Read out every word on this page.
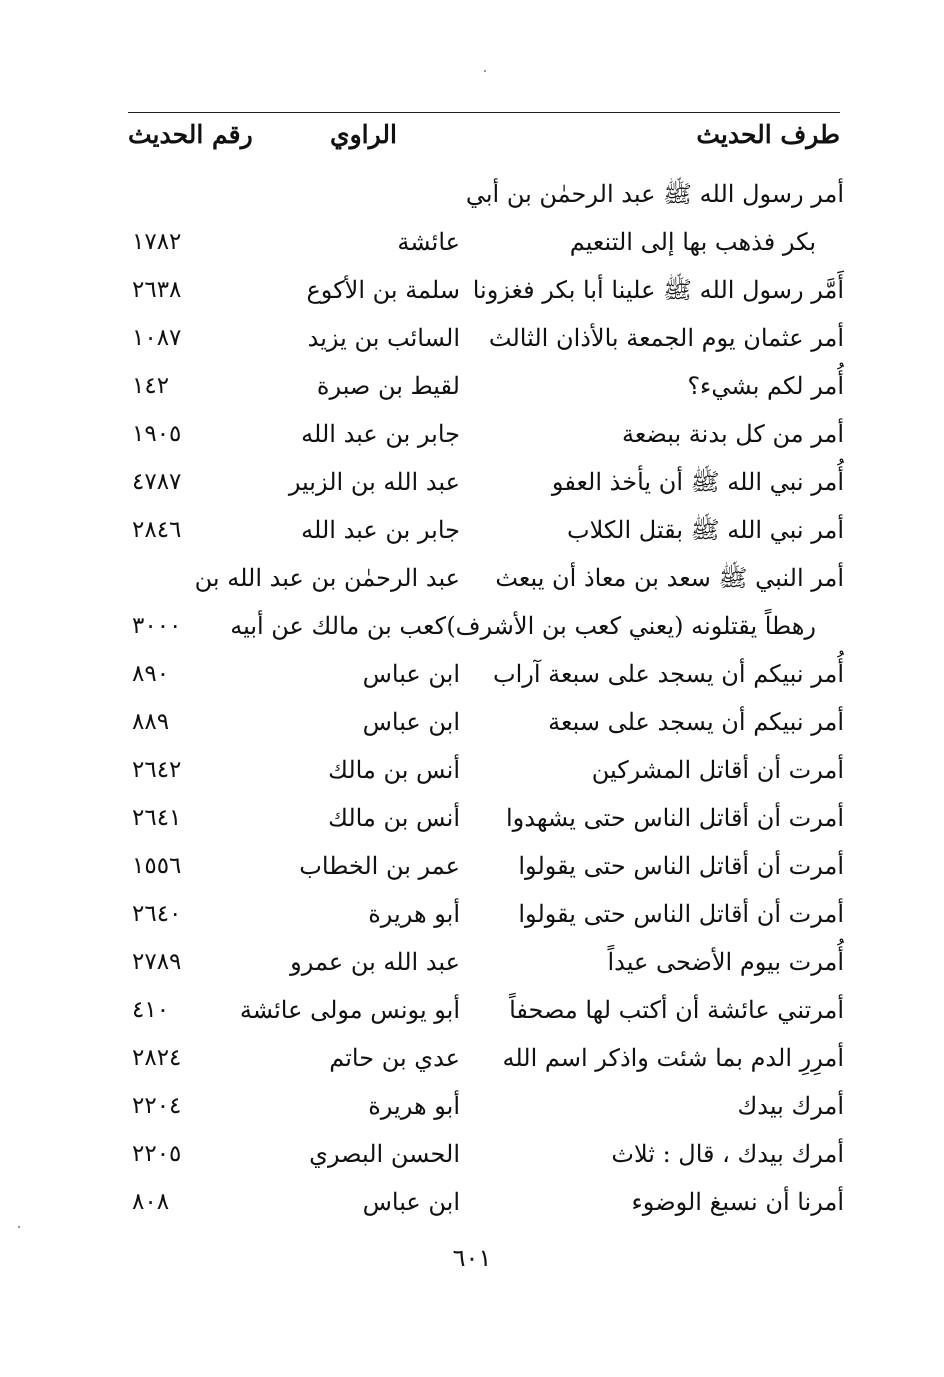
طرف الحديث
الراوي
رقم الحديث
أمر رسول الله ﷺ عبد الرحمٰن بن أبي
بكر فذهب بها إلى التنعيم
عائشة
١٧٨٢
أَمَّر رسول الله ﷺ علينا أبا بكر فغزونا
سلمة بن الأكوع
٢٦٣٨
أمر عثمان يوم الجمعة بالأذان الثالث
السائب بن يزيد
١٠٨٧
أُمر لكم بشيء؟
لقيط بن صبرة
١٤٢
أمر من كل بدنة ببضعة
جابر بن عبد الله
١٩٠٥
أُمر نبي الله ﷺ أن يأخذ العفو
عبد الله بن الزبير
٤٧٨٧
أمر نبي الله ﷺ بقتل الكلاب
جابر بن عبد الله
٢٨٤٦
أمر النبي ﷺ سعد بن معاذ أن يبعث
عبد الرحمٰن بن عبد الله بن
رهطاً يقتلونه (يعني كعب بن الأشرف)
كعب بن مالك عن أبيه
٣٠٠٠
أُمر نبيكم أن يسجد على سبعة آراب
ابن عباس
٨٩٠
أمر نبيكم أن يسجد على سبعة
ابن عباس
٨٨٩
أمرت أن أقاتل المشركين
أنس بن مالك
٢٦٤٢
أمرت أن أقاتل الناس حتى يشهدوا
أنس بن مالك
٢٦٤١
أمرت أن أقاتل الناس حتى يقولوا
عمر بن الخطاب
١٥٥٦
أمرت أن أقاتل الناس حتى يقولوا
أبو هريرة
٢٦٤٠
أُمرت بيوم الأضحى عيداً
عبد الله بن عمرو
٢٧٨٩
أمرتني عائشة أن أكتب لها مصحفاً
أبو يونس مولى عائشة
٤١٠
أمرِرِ الدم بما شئت واذكر اسم الله
عدي بن حاتم
٢٨٢٤
أمرك بيدك
أبو هريرة
٢٢٠٤
أمرك بيدك ، قال : ثلاث
الحسن البصري
٢٢٠٥
أمرنا أن نسبغ الوضوء
ابن عباس
٨٠٨
٦٠١
